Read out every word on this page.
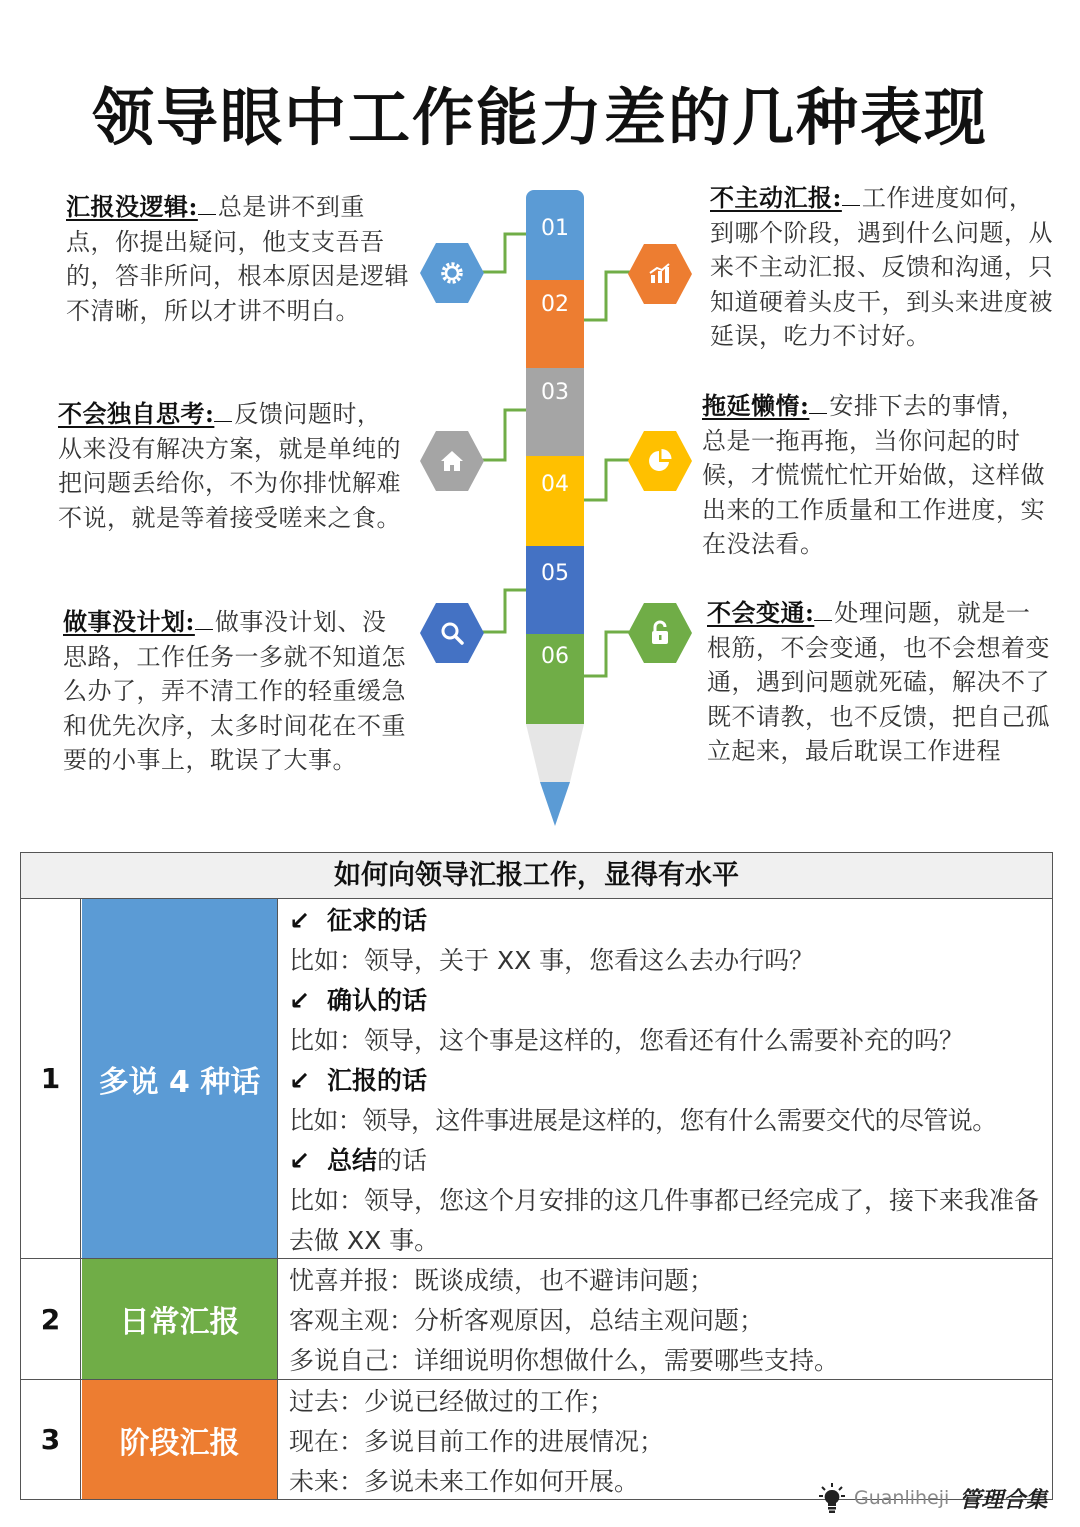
领导眼中工作能力差的几种表现
01
02
03
04
05
06
汇报没逻辑: 总是讲不到重点，你提出疑问，他支支吾吾的，答非所问，根本原因是逻辑不清晰，所以才讲不明白。
不主动汇报: 工作进度如何，到哪个阶段，遇到什么问题，从来不主动汇报、反馈和沟通，只知道硬着头皮干，到头来进度被延误，吃力不讨好。
不会独自思考: 反馈问题时，从来没有解决方案，就是单纯的把问题丢给你，不为你排忧解难不说，就是等着接受嗟来之食。
拖延懒惰: 安排下去的事情，总是一拖再拖，当你问起的时候，才慌慌忙忙开始做，这样做出来的工作质量和工作进度，实在没法看。
做事没计划: 做事没计划、没思路，工作任务一多就不知道怎么办了，弄不清工作的轻重缓急和优先次序，太多时间花在不重要的小事上，耽误了大事。
不会变通: 处理问题，就是一根筋，不会变通，也不会想着变通，遇到问题就死磕，解决不了既不请教，也不反馈，把自己孤立起来，最后耽误工作进程
如何向领导汇报工作，显得有水平
1	多说 4 种话
↙ 征求的话
比如：领导，关于 XX 事，您看这么去办行吗？
↙ 确认的话
比如：领导，这个事是这样的，您看还有什么需要补充的吗？
↙ 汇报的话
比如：领导，这件事进展是这样的，您有什么需要交代的尽管说。
↙ 总结的话
比如：领导，您这个月安排的这几件事都已经完成了，接下来我准备去做 XX 事。
2	日常汇报
忧喜并报：既谈成绩，也不避讳问题；
客观主观：分析客观原因，总结主观问题；
多说自己：详细说明你想做什么，需要哪些支持。
3	阶段汇报
过去：少说已经做过的工作；
现在：多说目前工作的进展情况；
未来：多说未来工作如何开展。
Guanliheji 管理合集
